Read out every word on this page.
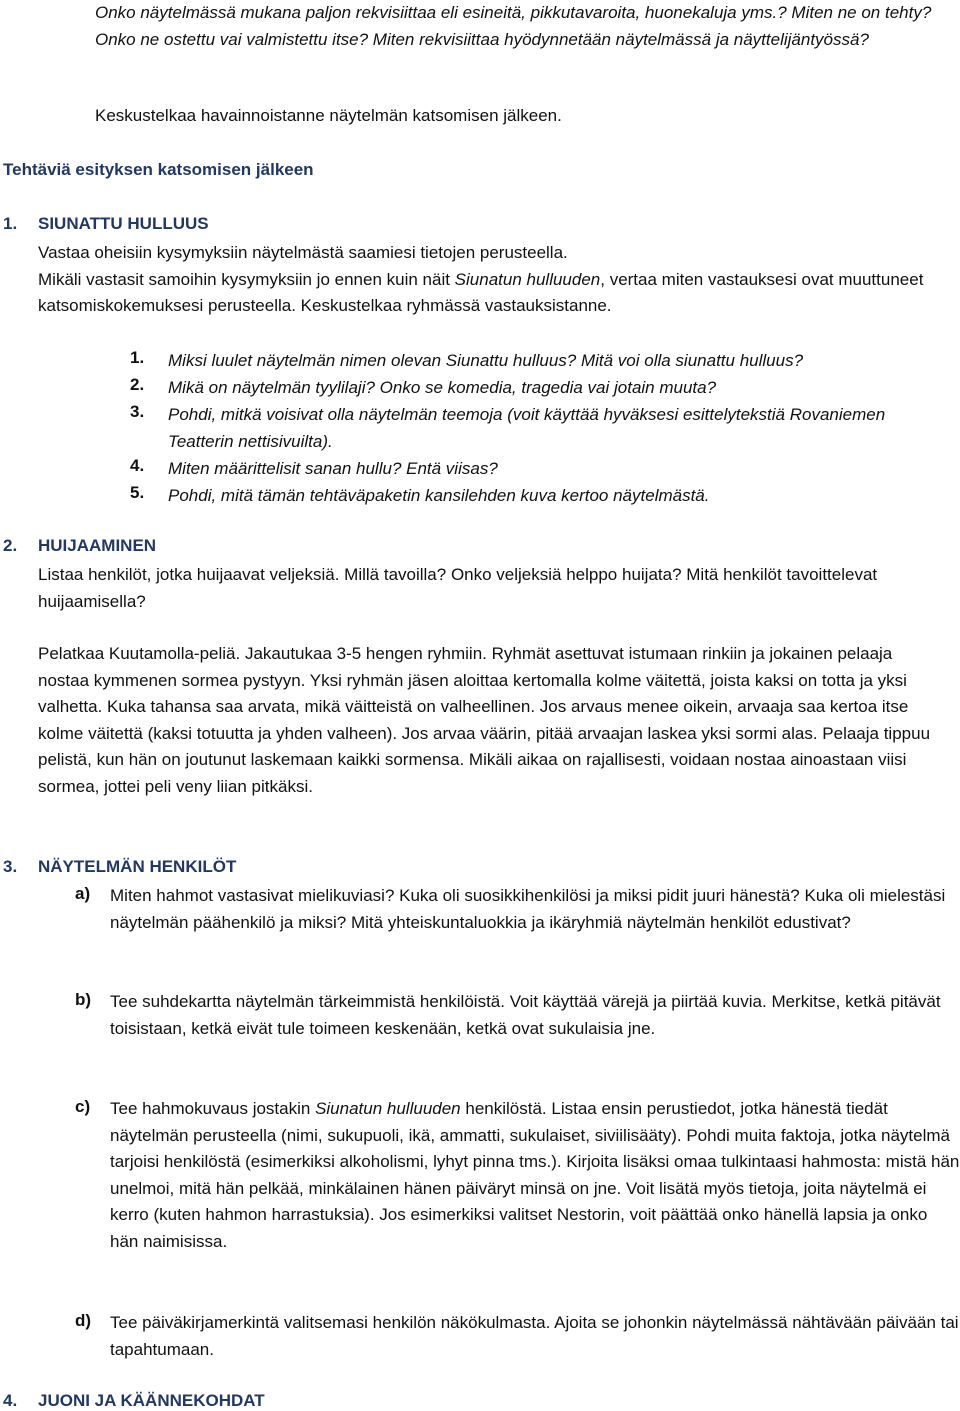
Onko näytelmässä mukana paljon rekvisiittaa eli esineitä, pikkutavaroita, huonekaluja yms.? Miten ne on tehty? Onko ne ostettu vai valmistettu itse? Miten rekvisiittaa hyödynnetään näytelmässä ja näyttelijäntyössä?
Keskustelkaa havainnoistanne näytelmän katsomisen jälkeen.
Tehtäviä esityksen katsomisen jälkeen
1.	SIUNATTU HULLUUS
Vastaa oheisiin kysymyksiin näytelmästä saamiesi tietojen perusteella.
Mikäli vastasit samoihin kysymyksiin jo ennen kuin näit Siunatun hulluuden, vertaa miten vastauksesi ovat muuttuneet katsomiskokemuksesi perusteella. Keskustelkaa ryhmässä vastauksistanne.
1.	Miksi luulet näytelmän nimen olevan Siunattu hulluus? Mitä voi olla siunattu hulluus?
2.	Mikä on näytelmän tyylilaji? Onko se komedia, tragedia vai jotain muuta?
3.	Pohdi, mitkä voisivat olla näytelmän teemoja (voit käyttää hyväksesi esittelytekstiä Rovaniemen Teatterin nettisivuilta).
4.	Miten määrittelisit sanan hullu? Entä viisas?
5.	Pohdi, mitä tämän tehtäväpaketin kansilehden kuva kertoo näytelmästä.
2.	HUIJAAMINEN
Listaa henkilöt, jotka huijaavat veljeksiä. Millä tavoilla? Onko veljeksiä helppo huijata? Mitä henkilöt tavoittelevat huijaamisella?
Pelatkaa Kuutamolla-peliä. Jakautukaa 3-5 hengen ryhmiin. Ryhmät asettuvat istumaan rinkiin ja jokainen pelaaja nostaa kymmenen sormea pystyyn. Yksi ryhmän jäsen aloittaa kertomalla kolme väitettä, joista kaksi on totta ja yksi valhetta. Kuka tahansa saa arvata, mikä väitteistä on valheellinen. Jos arvaus menee oikein, arvaaja saa kertoa itse kolme väitettä (kaksi totuutta ja yhden valheen). Jos arvaa väärin, pitää arvaajan laskea yksi sormi alas. Pelaaja tippuu pelistä, kun hän on joutunut laskemaan kaikki sormensa. Mikäli aikaa on rajallisesti, voidaan nostaa ainoastaan viisi sormea, jottei peli veny liian pitkäksi.
3.	NÄYTELMÄN HENKILÖT
a)	Miten hahmot vastasivat mielikuviasi? Kuka oli suosikkihenkilösi ja miksi pidit juuri hänestä? Kuka oli mielestäsi näytelmän päähenkilö ja miksi? Mitä yhteiskuntaluokkia ja ikäryhmiä näytelmän henkilöt edustivat?
b)	Tee suhdekartta näytelmän tärkeimmistä henkilöistä. Voit käyttää värejä ja piirtää kuvia. Merkitse, ketkä pitävät toisistaan, ketkä eivät tule toimeen keskenään, ketkä ovat sukulaisia jne.
c)	Tee hahmokuvaus jostakin Siunatun hulluuden henkilöstä. Listaa ensin perustiedot, jotka hänestä tiedät näytelmän perusteella (nimi, sukupuoli, ikä, ammatti, sukulaiset, siviilisääty). Pohdi muita faktoja, jotka näytelmä tarjoisi henkilöstä (esimerkiksi alkoholismi, lyhyt pinna tms.). Kirjoita lisäksi omaa tulkintaasi hahmosta: mistä hän unelmoi, mitä hän pelkää, minkälainen hänen päiväryt minsä on jne. Voit lisätä myös tietoja, joita näytelmä ei kerro (kuten hahmon harrastuksia). Jos esimerkiksi valitset Nestorin, voit päättää onko hänellä lapsia ja onko hän naimisissa.
d)	Tee päiväkirjamerkintä valitsemasi henkilön näkökulmasta. Ajoita se johonkin näytelmässä nähtävään päivään tai tapahtumaan.
4.	JUONI JA KÄÄNNEKOHDAT
